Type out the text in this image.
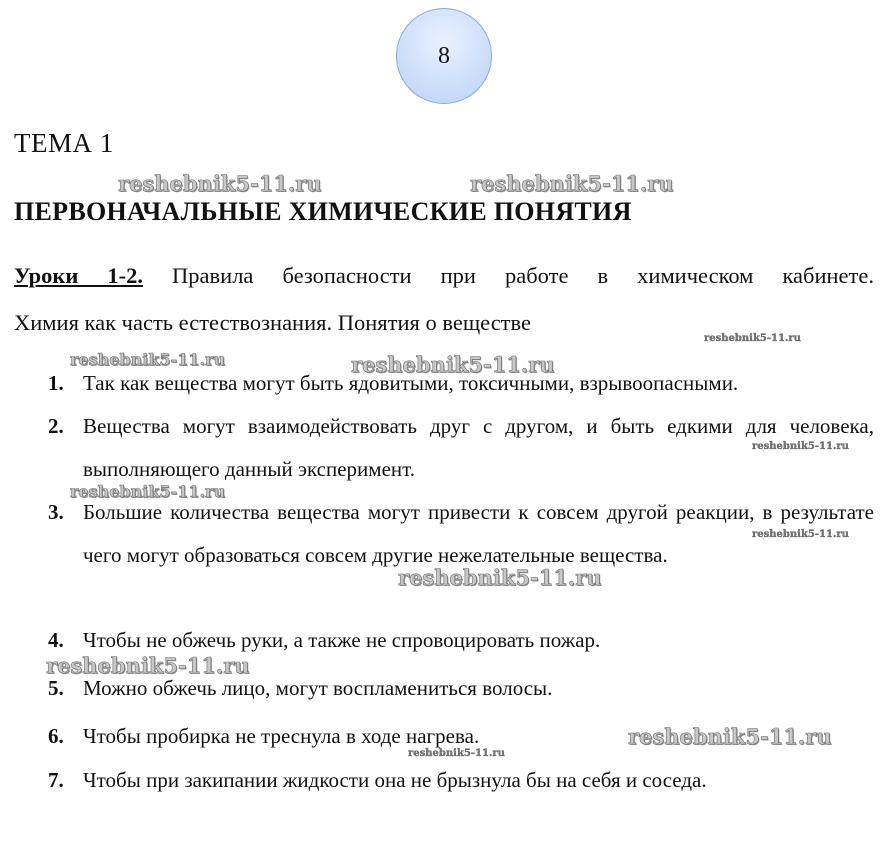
8
ТЕМА 1
ПЕРВОНАЧАЛЬНЫЕ ХИМИЧЕСКИЕ ПОНЯТИЯ
Уроки 1-2. Правила безопасности при работе в химическом кабинете.
Химия как часть естествознания. Понятия о веществе
1. Так как вещества могут быть ядовитыми, токсичными, взрывоопасными.
2. Вещества могут взаимодействовать друг с другом, и быть едкими для человека, выполняющего данный эксперимент.
3. Большие количества вещества могут привести к совсем другой реакции, в результате чего могут образоваться совсем другие нежелательные вещества.
4. Чтобы не обжечь руки, а также не спровоцировать пожар.
5. Можно обжечь лицо, могут воспламениться волосы.
6. Чтобы пробирка не треснула в ходе нагрева.
7. Чтобы при закипании жидкости она не брызнула бы на себя и соседа.
reshebnik5-11.ru	reshebnik5-11.ru
reshebnik5-11.ru
reshebnik5-11.ru	reshebnik5-11.ru
reshebnik5-11.ru
reshebnik5-11.ru
reshebnik5-11.ru
reshebnik5-11.ru
reshebnik5-11.ru
reshebnik5-11.ru
reshebnik5-11.ru
